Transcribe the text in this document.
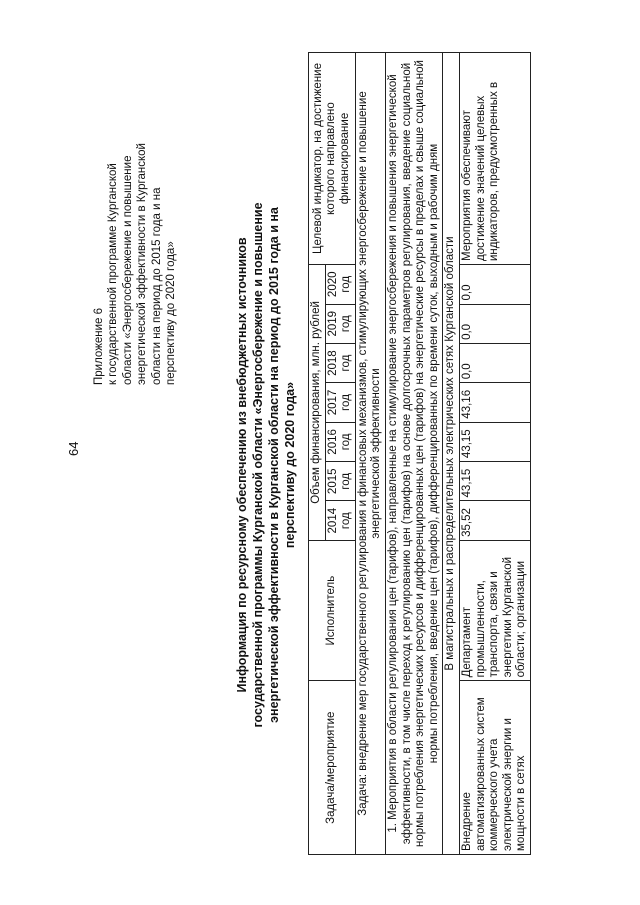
64
Приложение 6 к государственной программе Курганской области «Энергосбережение и повышение энергетической эффективности в Курганской области на период до 2015 года и на перспективу до 2020 года»	Информация по ресурсному обеспечению из внебюджетных источников государственной программы Курганской области «Энергосбережение и повышение энергетической эффективности в Курганской области на период до 2015 года и на перспективу до 2020 года»
Задача/мероприятие	Исполнитель	Объем финансирования, млн. рублей							Целевой индикатор, на достижение которого направлено финансирование
		2014 год	2015 год	2016 год	2017 год	2018 год	2019 год	2020 год	
Задача: внедрение мер государственного регулирования и финансовых механизмов, стимулирующих энергосбережение и повышение энергетической эффективности									
1. Мероприятия в области регулирования цен (тарифов), направленные на стимулирование энергосбережения и повышения энергетической эффективности, в том числе переход к регулированию цен (тарифов) на основе долгосрочных параметров регулирования, введение социальной нормы потребления энергетических ресурсов и дифференцированных цен (тарифов) на энергетические ресурсы в пределах и свыше социальной нормы потребления, введение цен (тарифов), дифференцированных по времени суток, выходным и рабочим дням									
В магистральных и распределительных электрических сетях Курганской области									
Внедрение автоматизированных систем коммерческого учета электрической энергии и мощности в сетях	Департамент промышленности, транспорта, связи и энергетики Курганской области; организации	35,52	43,15	43,15	43,16	0,0	0,0	0,0	Мероприятия обеспечивают достижение значений целевых индикаторов, предусмотренных в
